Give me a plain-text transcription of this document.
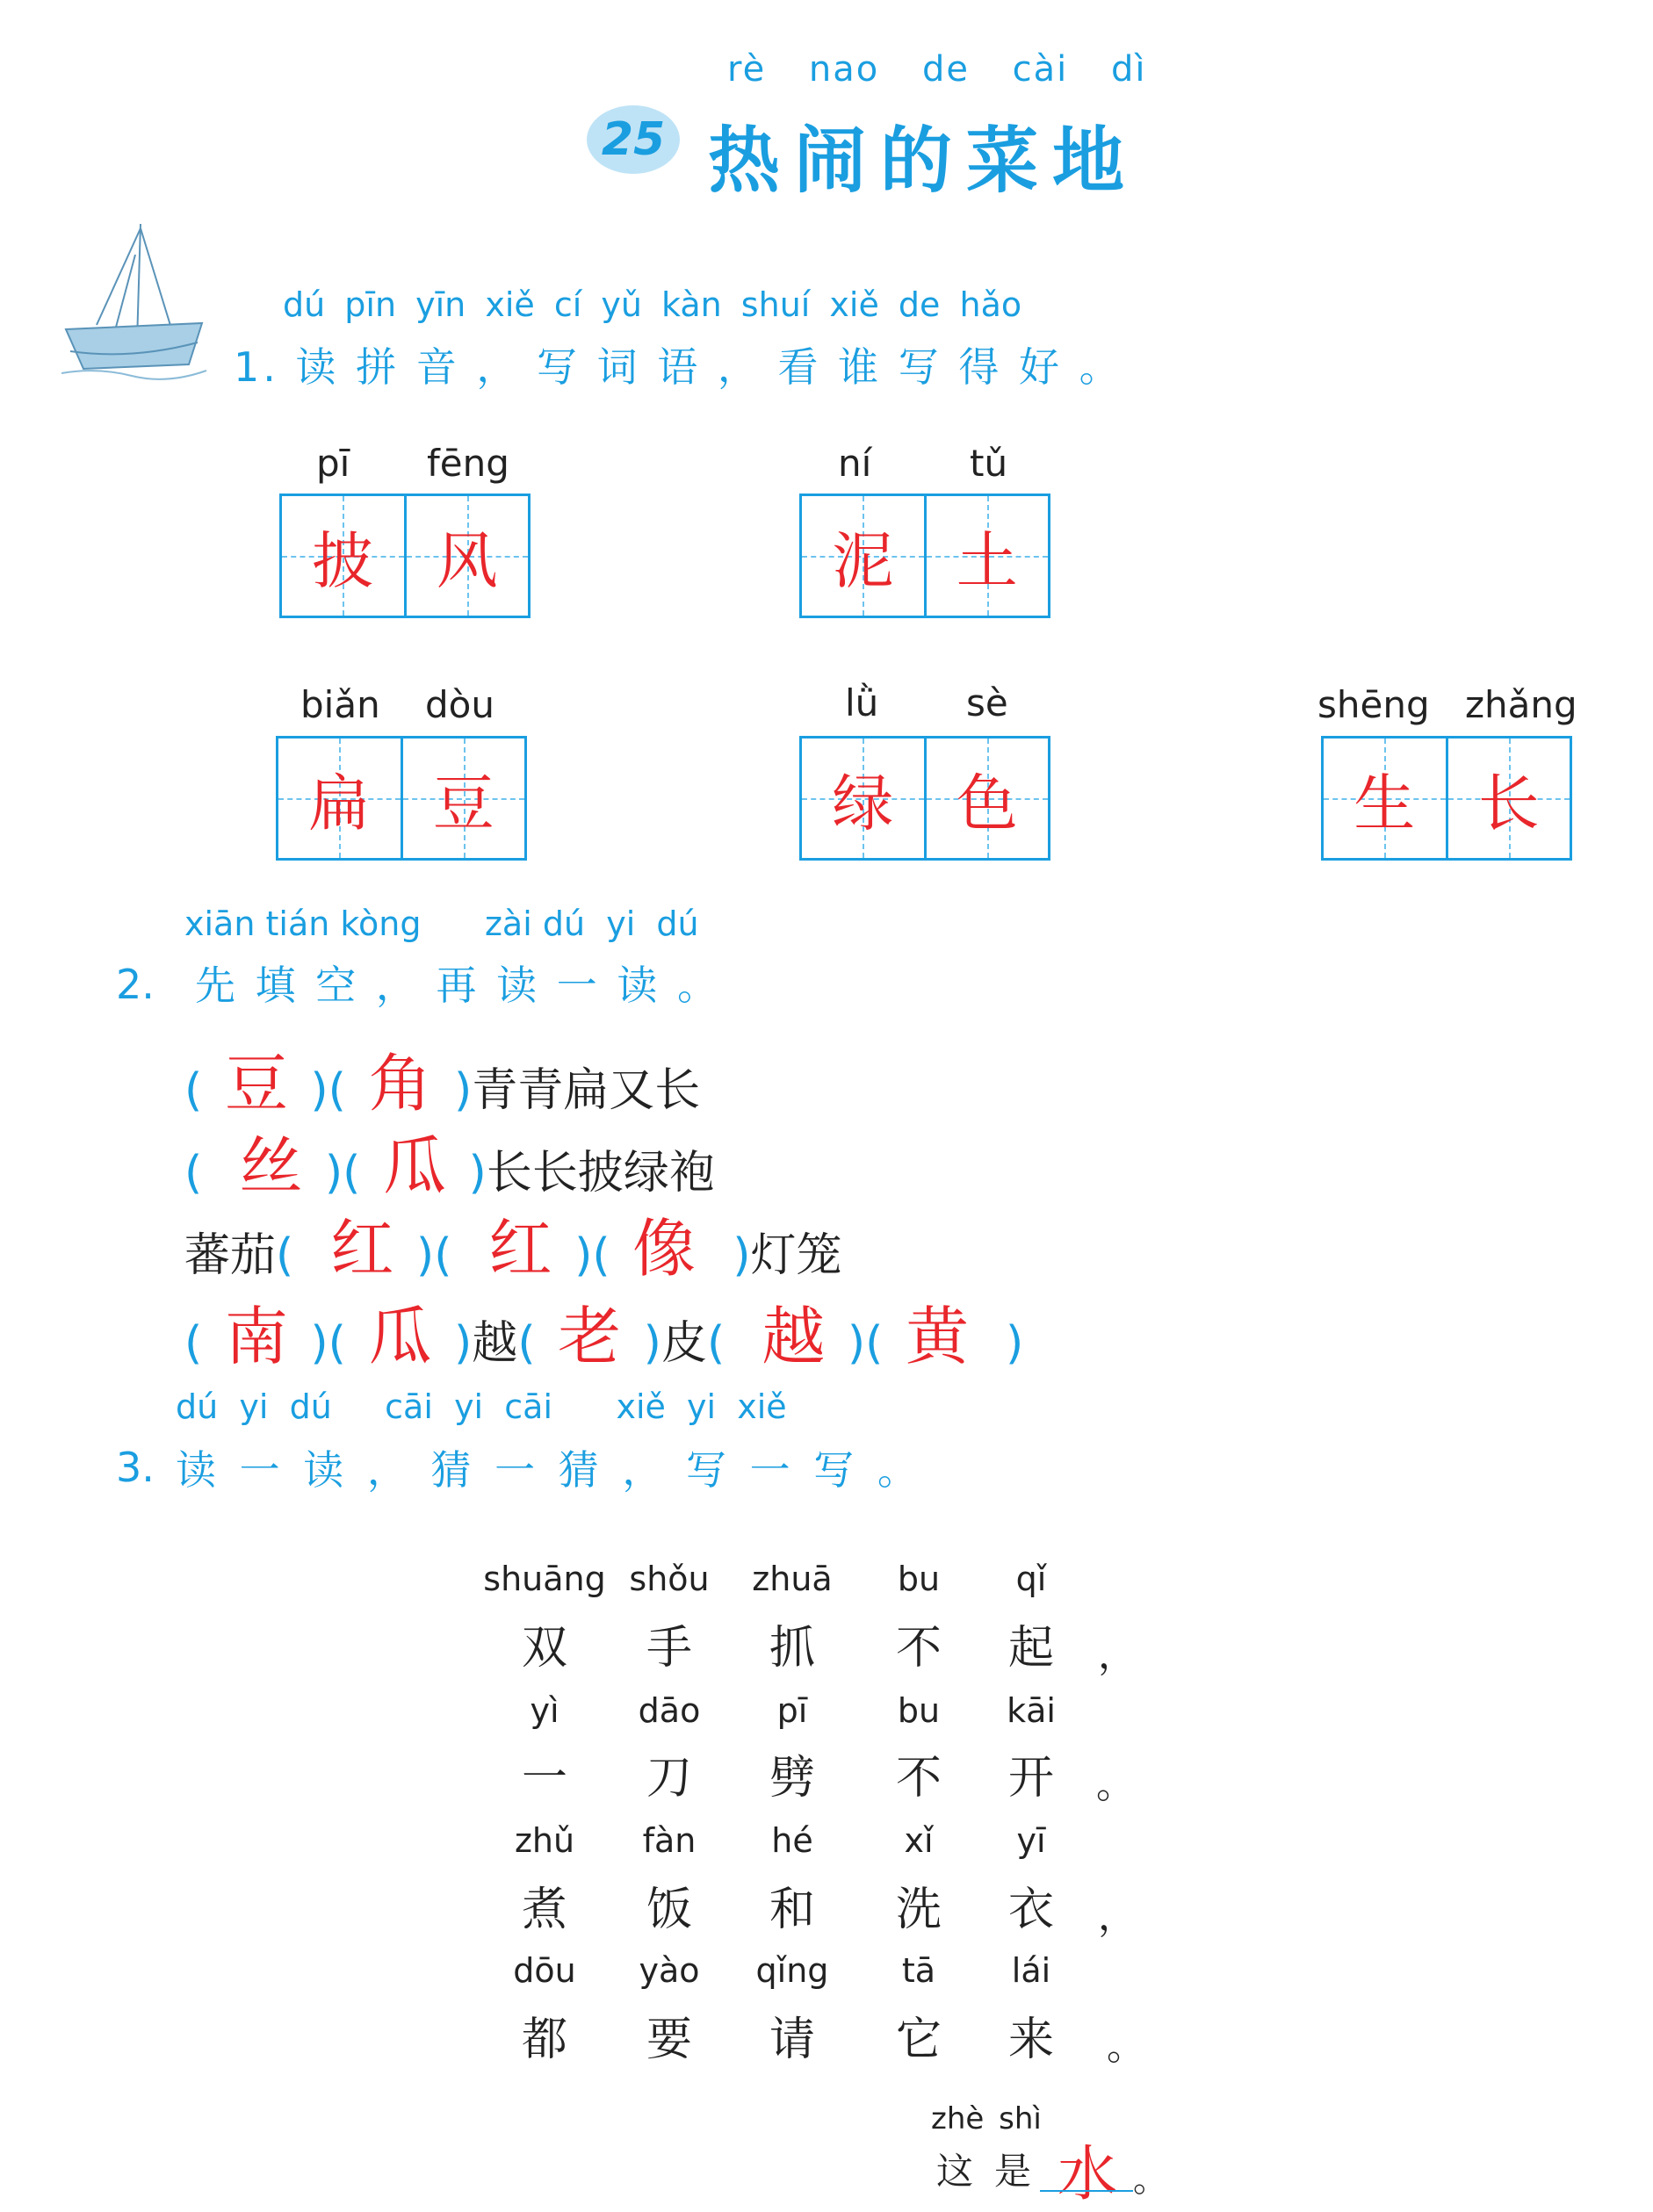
rè nao de cài dì
25 热闹的菜地
dú pīn yīn xiě cí yǔ kàn shuí xiě de hǎo
1. 读 拼 音 ， 写 词 语 ， 看 谁 写 得 好 。
pī fēng
披 风
ní	tǔ
泥 土
biǎn dòu
扁 豆
lǜ sè
绿 色
shēng zhǎng
生 长
xiān tián kòng      zài dú  yi  dú
2. 先 填 空 ， 再 读 一 读 。
( 豆 )( 角 ) 青青扁又长
( 丝 )( 瓜 ) 长长披绿袍
蕃茄 ( 红 )( 红 )( 像 ) 灯笼
( 南 )( 瓜 ) 越 ( 老 ) 皮 ( 越 )( 黄 )
dú  yi  dú     cāi  yi  cāi      xiě  yi  xiě
3. 读 一 读 ， 猜 一 猜 ， 写 一 写 。
shuāng shǒu	zhuā	bu	qǐ
双	手	抓	不	起	，
yì	dāo	pī	bu	kāi
一	刀	劈	不	开	。
zhǔ	fàn	hé	xǐ	yī
煮	饭	和	洗	衣	，
dōu	yào	qǐng	tā	lái
都	要	请	它	来	。
zhè shì
这是 水 。
